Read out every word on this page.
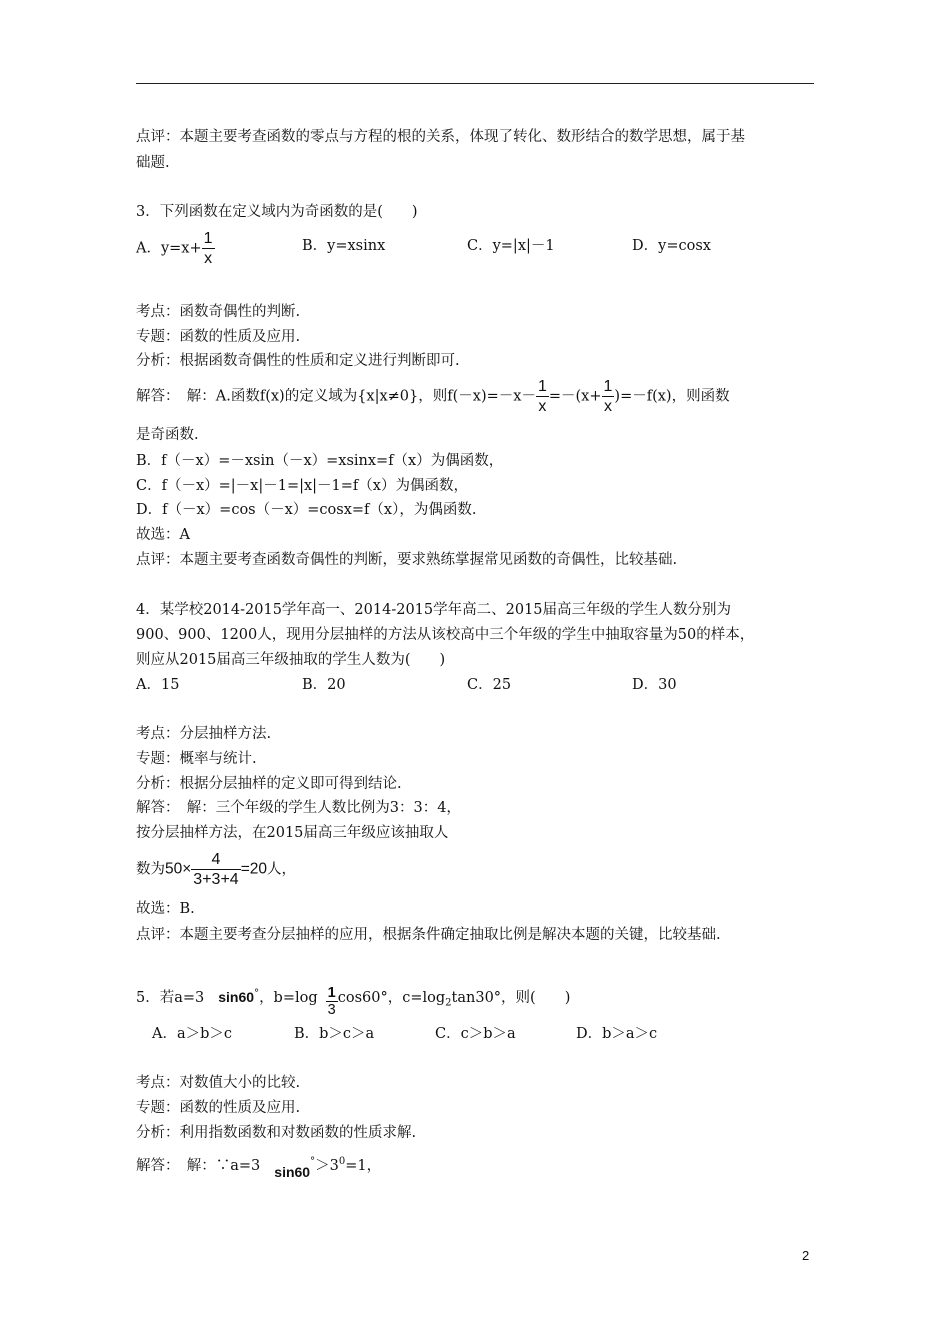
点评：本题主要考查函数的零点与方程的根的关系，体现了转化、数形结合的数学思想，属于基
础题.
3．下列函数在定义域内为奇函数的是(　　)
A．$y=x+ \frac{1}{x}$	B．y=xsinx	C．y=|x|－1	D．y=cosx
考点：函数奇偶性的判断.
专题：函数的性质及应用.
分析：根据函数奇偶性的性质和定义进行判断即可.
解答：　解：A.函数f(x)的定义域为{x|x≠0}，则$f(-x)=-x- \frac{1}{x} =-(x+ \frac{1}{x} )=-f(x)$，则函数
是奇函数.
B．f（－x）=－xsin（－x）=xsinx=f（x）为偶函数，
C．f（－x）=|－x|－1=|x|－1=f（x）为偶函数，
D．f（－x）=cos（－x）=cosx=f（x），为偶函数.
故选：A
点评：本题主要考查函数奇偶性的判断，要求熟练掌握常见函数的奇偶性，比较基础.
4．某学校2014-2015学年高一、2014-2015学年高二、2015届高三年级的学生人数分别为
900、900、1200人，现用分层抽样的方法从该校高中三个年级的学生中抽取容量为50的样本，
则应从2015届高三年级抽取的学生人数为(　　)
A．15	B．20	C．25	D．30
考点：分层抽样方法.
专题：概率与统计.
分析：根据分层抽样的定义即可得到结论.
解答：　解：三个年级的学生人数比例为3：3：4，
按分层抽样方法，在2015届高三年级应该抽取人
数为$50\times \frac{4}{3+3+4} =20$人，
故选：B.
点评：本题主要考查分层抽样的应用，根据条件确定抽取比例是解决本题的关键，比较基础.
5．若a=3 sin60°，$b=\log \frac{1}{3} \cos 60^\circ$，$c=\log_2\tan 30^\circ$，则(　　)
A．a＞b＞c	B．b＞c＞a	C．c＞b＞a	D．b＞a＞c
考点：对数值大小的比较.
专题：函数的性质及应用.
分析：利用指数函数和对数函数的性质求解.
解答：　解：∵a=3 $\sin 60^\circ>3^0=1$，
2
